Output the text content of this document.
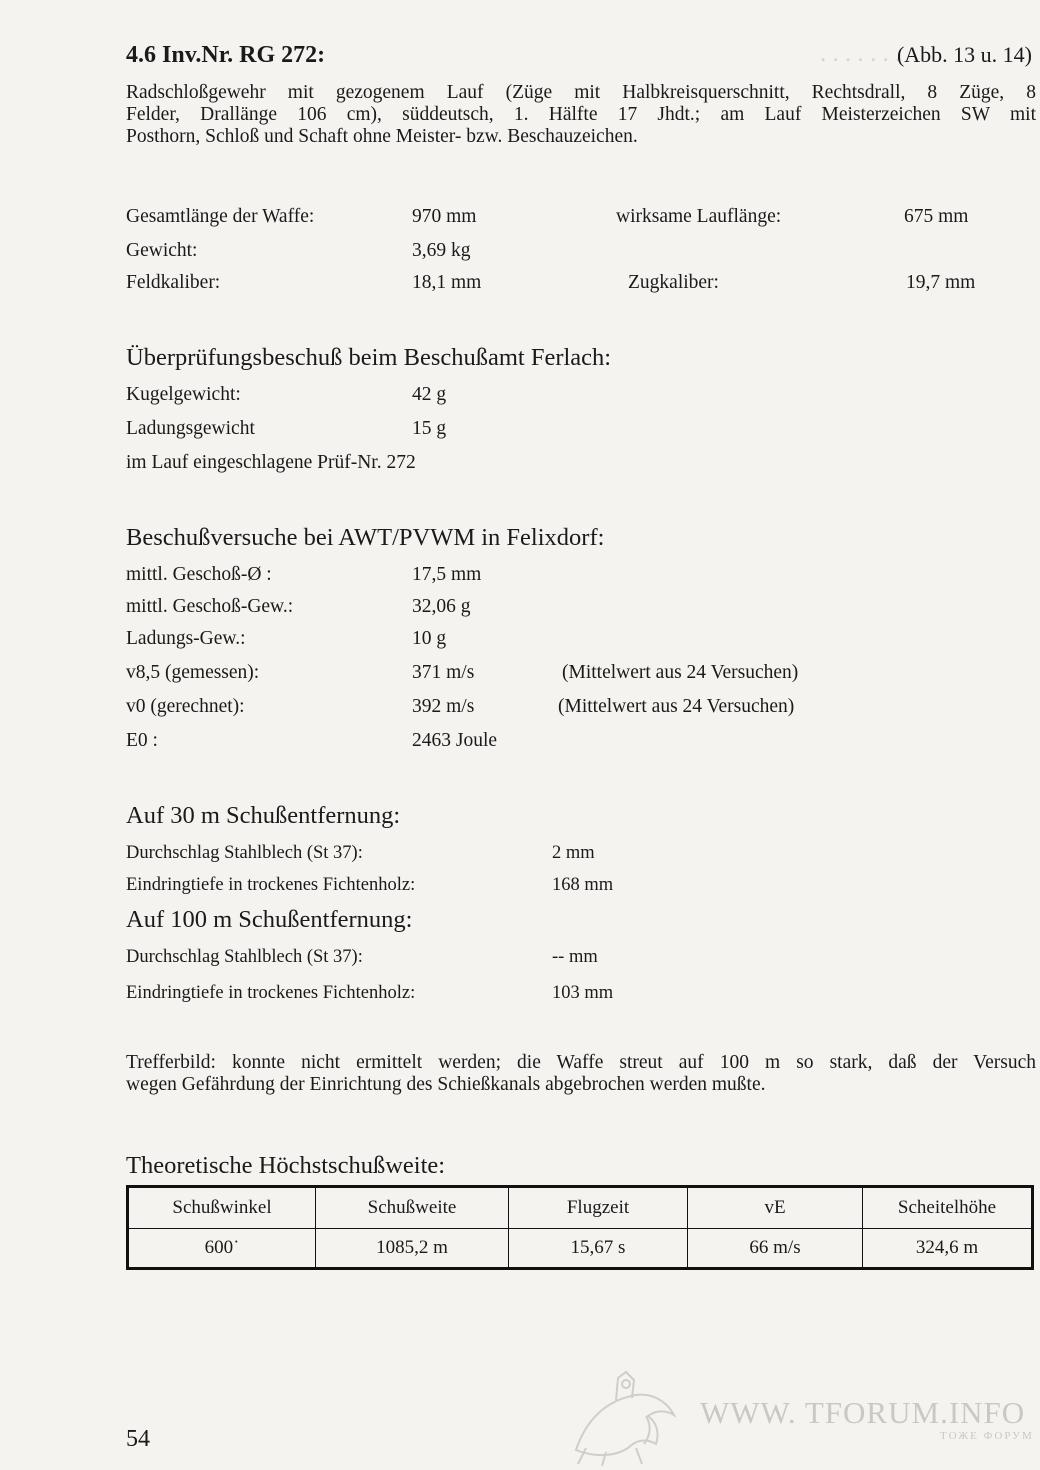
. . . . . . .

4.6 Inv.Nr. RG 272:	(Abb. 13 u. 14)
Radschloßgewehr mit gezogenem Lauf (Züge mit Halbkreisquerschnitt, Rechtsdrall, 8 Züge, 8
Felder, Drallänge 106 cm), süddeutsch, 1. Hälfte 17 Jhdt.; am Lauf Meisterzeichen SW mit
Posthorn, Schloß und Schaft ohne Meister- bzw. Beschauzeichen.
Gesamtlänge der Waffe:	970 mm	wirksame Lauflänge:	675 mm
Gewicht:	3,69 kg
Feldkaliber:	18,1 mm	Zugkaliber:	19,7 mm
Überprüfungsbeschuß beim Beschußamt Ferlach:
Kugelgewicht:	42 g
Ladungsgewicht	15 g
im Lauf eingeschlagene Prüf-Nr. 272
Beschußversuche bei AWT/PVWM in Felixdorf:
mittl. Geschoß-Ø :	17,5 mm
mittl. Geschoß-Gew.:	32,06 g
Ladungs-Gew.:	10 g
v8,5 (gemessen):	371 m/s	(Mittelwert aus 24 Versuchen)
v0 (gerechnet):	392 m/s	(Mittelwert aus 24 Versuchen)
E0 :	2463 Joule
Auf 30 m Schußentfernung:
Durchschlag Stahlblech (St 37):	2 mm
Eindringtiefe in trockenes Fichtenholz:	168 mm
Auf 100 m Schußentfernung:
Durchschlag Stahlblech (St 37):	-- mm
Eindringtiefe in trockenes Fichtenholz:	103 mm
Trefferbild: konnte nicht ermittelt werden; die Waffe streut auf 100 m so stark, daß der Versuch
wegen Gefährdung der Einrichtung des Schießkanals abgebrochen werden mußte.
Theoretische Höchstschußweite:
Schußwinkel	Schußweite	Flugzeit	vE	Scheitelhöhe
600˙	1085,2 m	15,67 s	66 m/s	324,6 m
54
WWW. TFORUM.INFO
ТОЖЕ ФОРУМ
